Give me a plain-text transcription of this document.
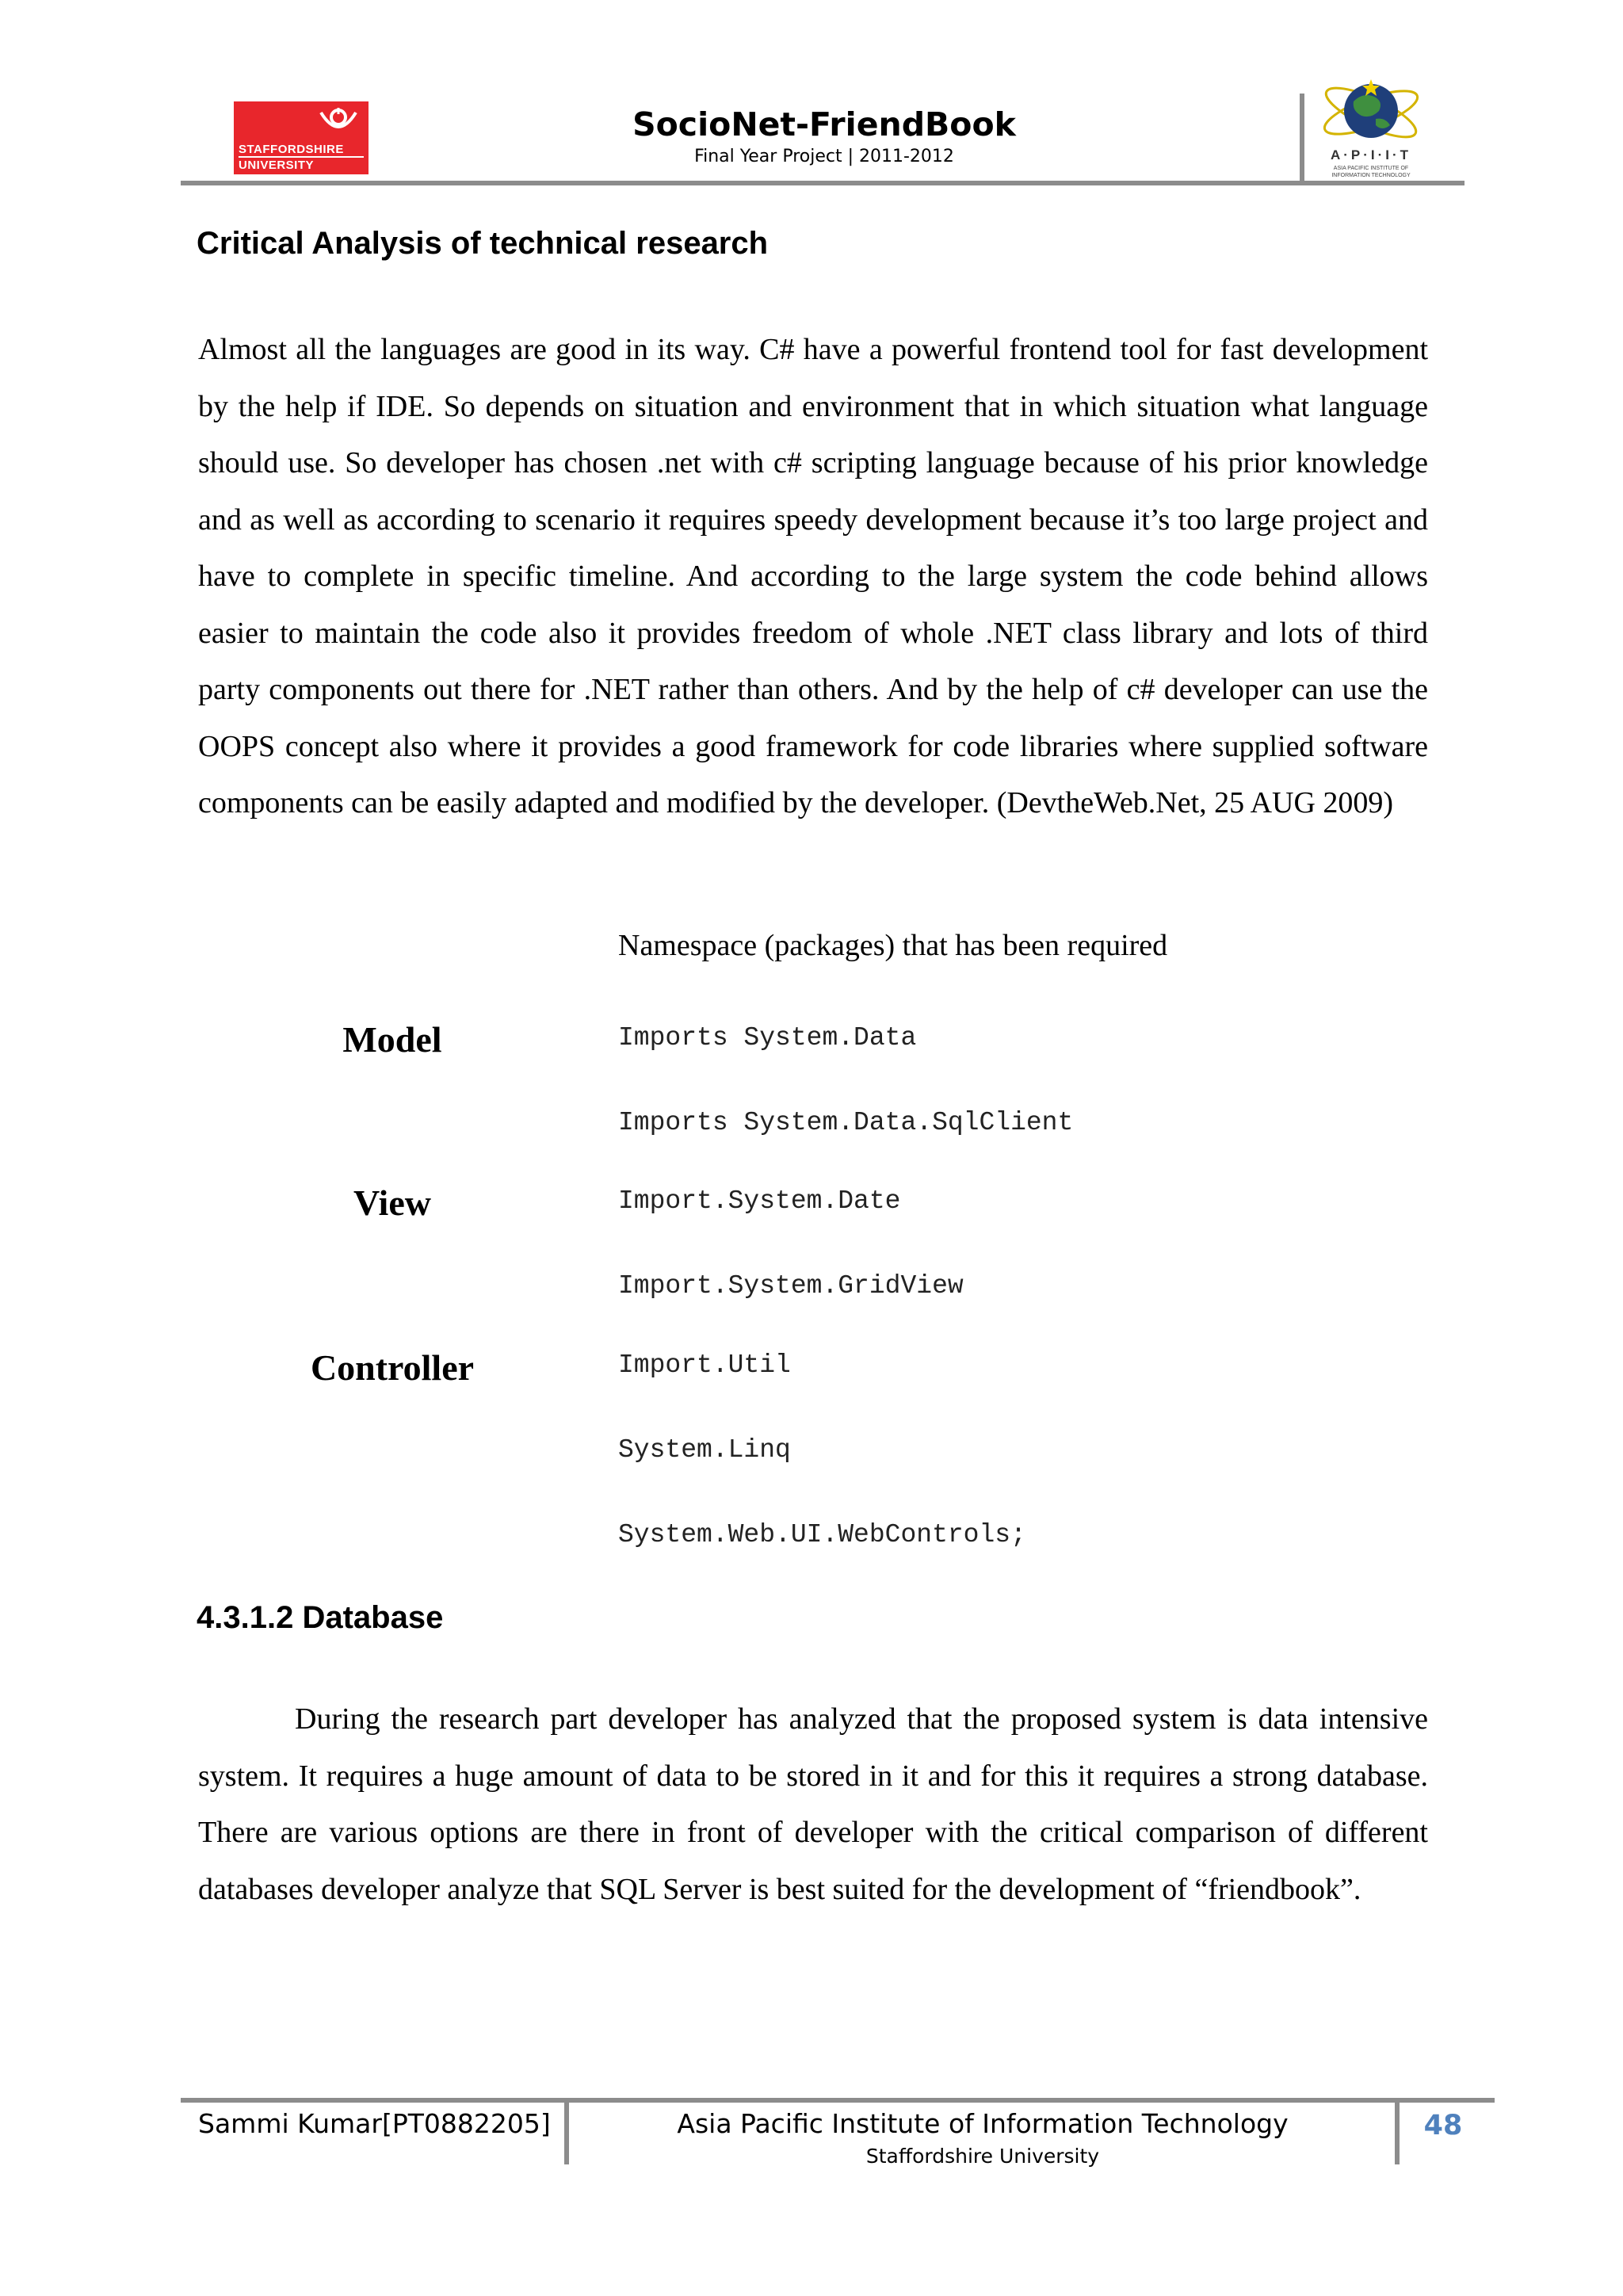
STAFFORDSHIRE
UNIVERSITY
SocioNet-FriendBook
Final Year Project | 2011-2012	A·P·I·I·T
ASIA PACIFIC INSTITUTE OF INFORMATION TECHNOLOGY
Critical Analysis of technical research
Almost all the languages are good in its way. C# have a powerful frontend tool for fast development by the help if IDE. So depends on situation and environment that in which situation what language should use. So developer has chosen .net with c# scripting language because of his prior knowledge and as well as according to scenario it requires speedy development because it’s too large project and have to complete in specific timeline. And according to the large system the code behind allows easier to maintain the code also it provides freedom of whole .NET class library and lots of third party components out there for .NET rather than others. And by the help of c# developer can use the OOPS concept also where it provides a good framework for code libraries where supplied software components can be easily adapted and modified by the developer. (DevtheWeb.Net, 25 AUG 2009)
Namespace (packages) that has been required
Model	Imports System.Data
Imports System.Data.SqlClient
View	Import.System.Date
Import.System.GridView
Controller	Import.Util
System.Linq
System.Web.UI.WebControls;
4.3.1.2 Database
During the research part developer has analyzed that the proposed system is data intensive system. It requires a huge amount of data to be stored in it and for this it requires a strong database. There are various options are there in front of developer with the critical comparison of different databases developer analyze that SQL Server is best suited for the development of “friendbook”.
Sammi Kumar[PT0882205]	Asia Pacific Institute of Information Technology
Staffordshire University
48
